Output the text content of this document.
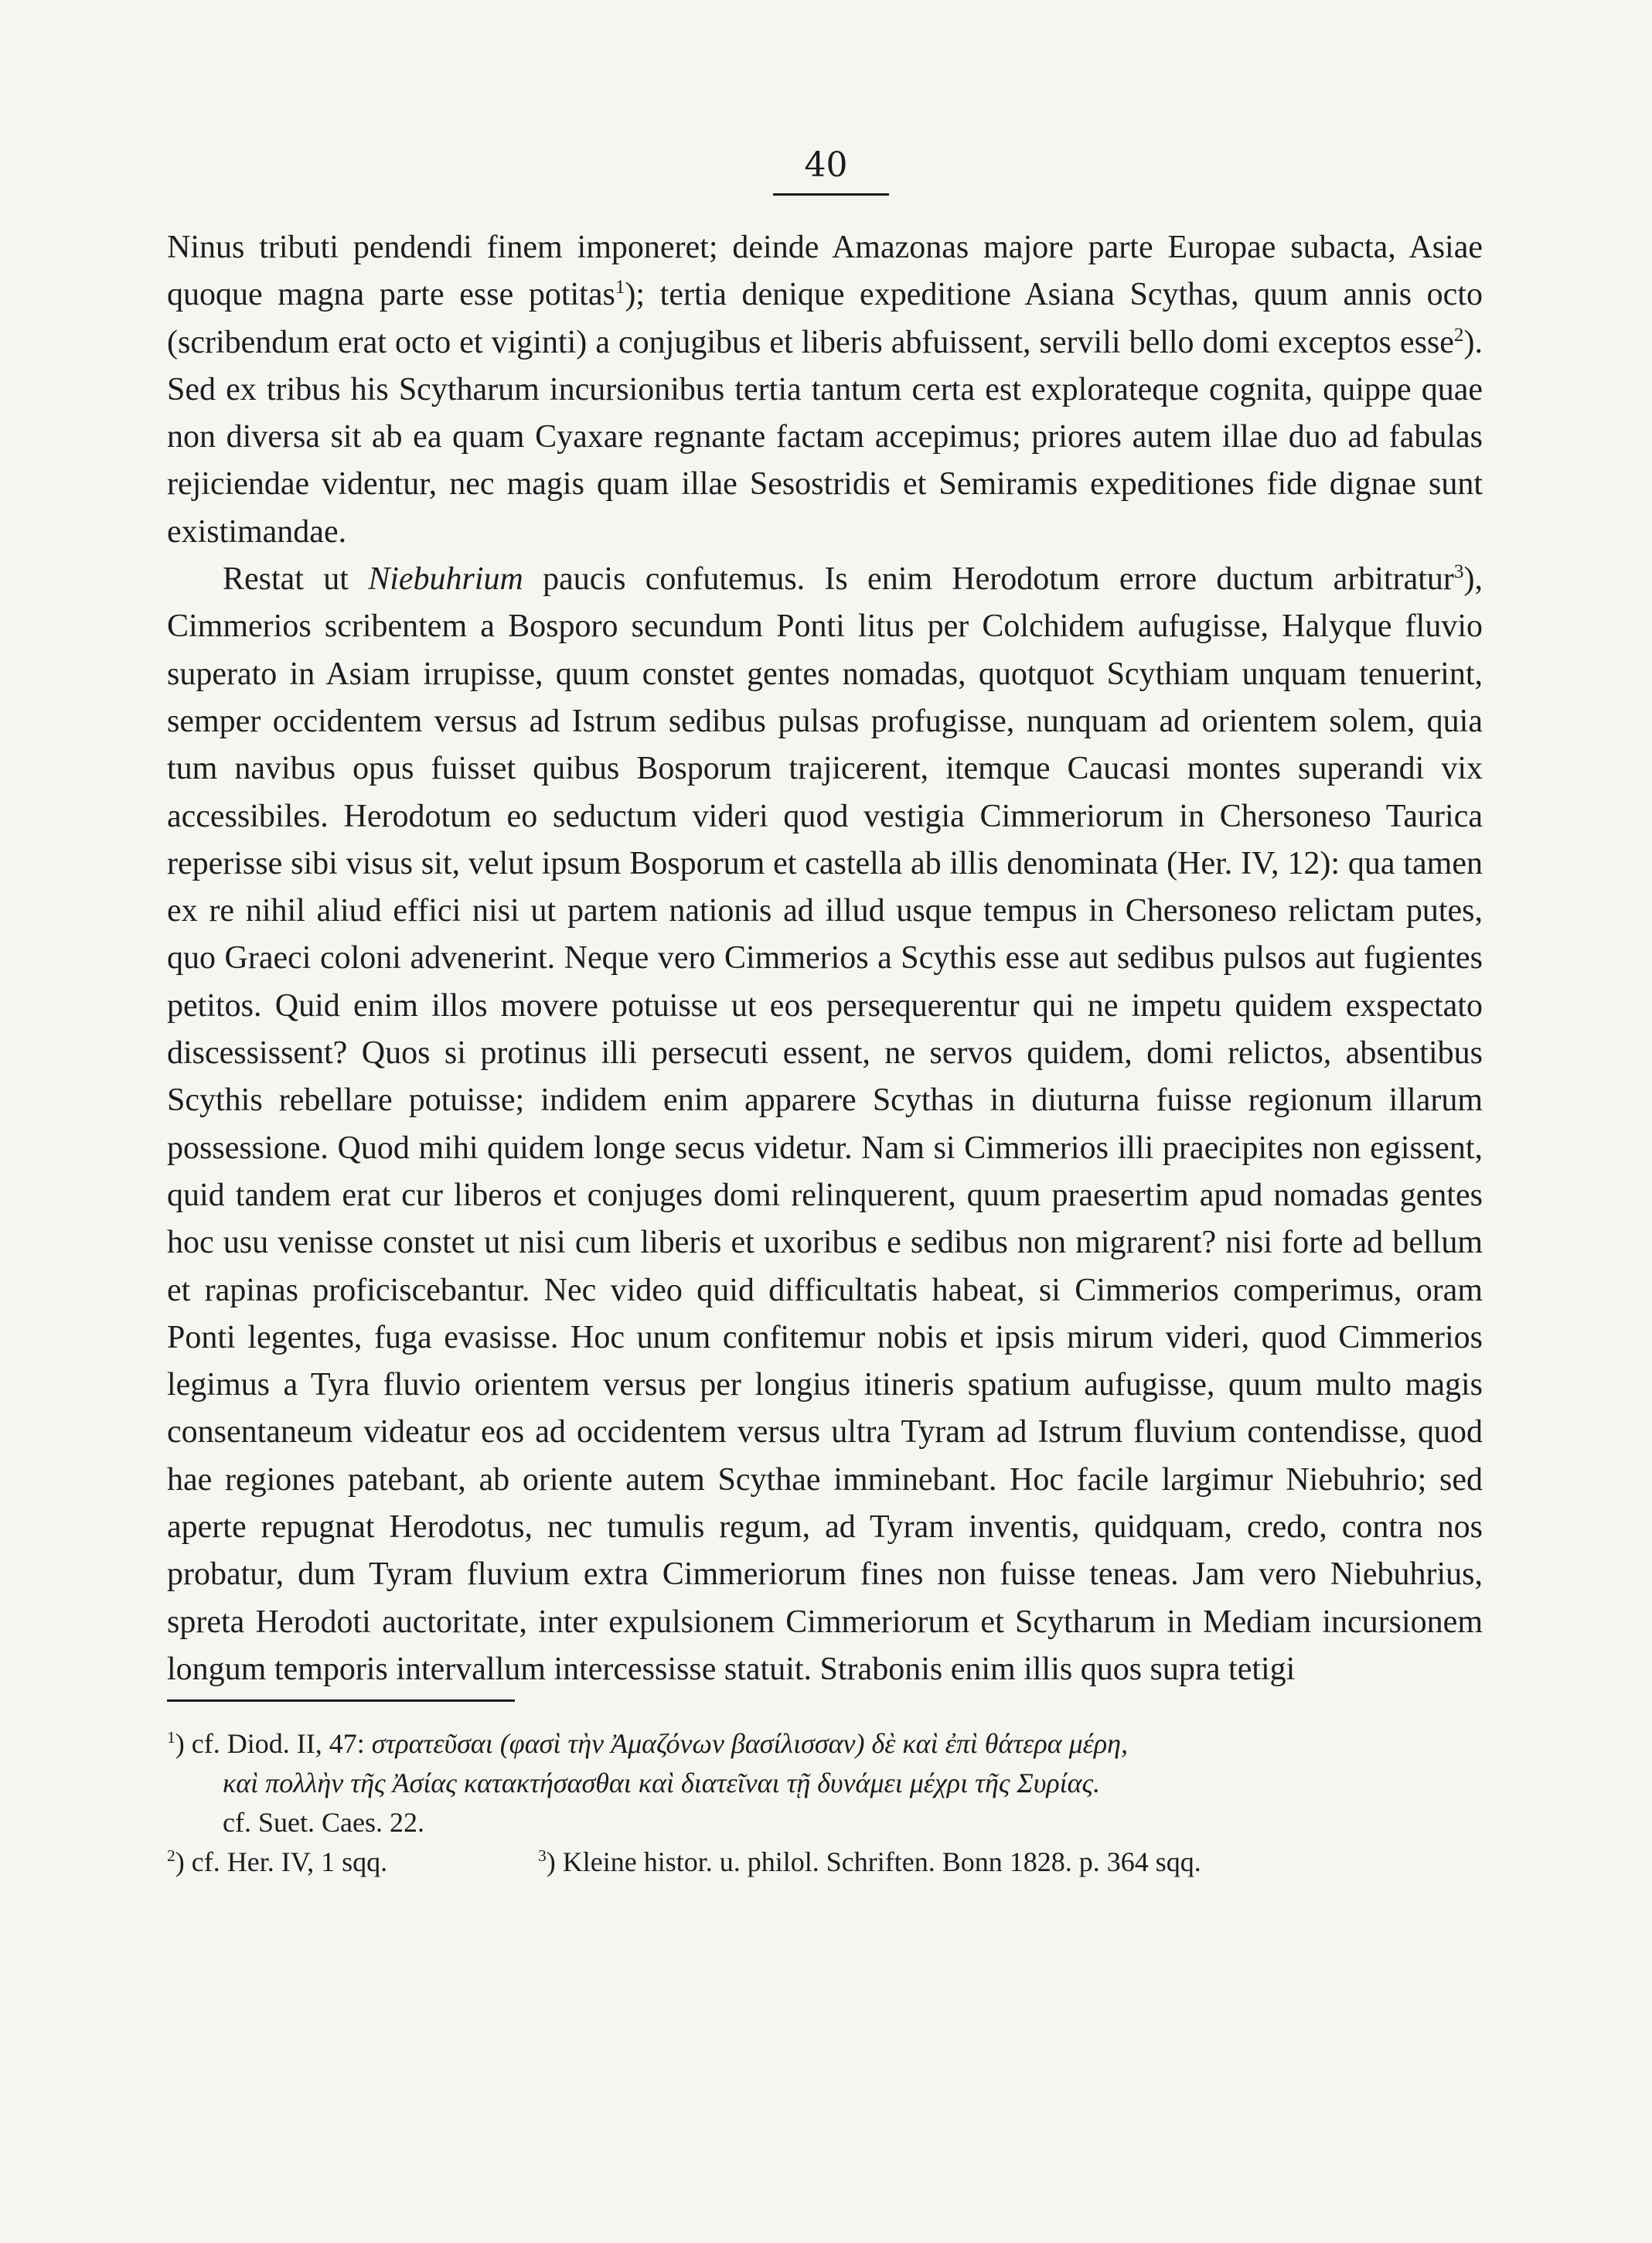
40

Ninus tributi pendendi finem imponeret; deinde Amazonas majore parte Europae subacta, Asiae quoque magna parte esse potitas$^1$); tertia denique expeditione Asiana Scythas, quum annis octo (scribendum erat octo et viginti) a conjugibus et liberis abfuissent, servili bello domi exceptos esse$^2$). Sed ex tribus his Scytharum incursionibus tertia tantum certa est explorateque cognita, quippe quae non diversa sit ab ea quam Cyaxare regnante factam accepimus; priores autem illae duo ad fabulas rejiciendae videntur, nec magis quam illae Sesostridis et Semiramis expeditiones fide dignae sunt existimandae.

Restat ut Niebuhrium paucis confutemus. Is enim Herodotum errore ductum arbitratur$^3$), Cimmerios scribentem a Bosporo secundum Ponti litus per Colchidem aufugisse, Halyque fluvio superato in Asiam irrupisse, quum constet gentes nomadas, quotquot Scythiam unquam tenuerint, semper occidentem versus ad Istrum sedibus pulsas profugisse, nunquam ad orientem solem, quia tum navibus opus fuisset quibus Bosporum trajicerent, itemque Caucasi montes superandi vix accessibiles. Herodotum eo seductum videri quod vestigia Cimmeriorum in Chersoneso Taurica reperisse sibi visus sit, velut ipsum Bosporum et castella ab illis denominata (Her. IV, 12): qua tamen ex re nihil aliud effici nisi ut partem nationis ad illud usque tempus in Chersoneso relictam putes, quo Graeci coloni advenerint. Neque vero Cimmerios a Scythis esse aut sedibus pulsos aut fugientes petitos. Quid enim illos movere potuisse ut eos persequerentur qui ne impetu quidem exspectato discessissent? Quos si protinus illi persecuti essent, ne servos quidem, domi relictos, absentibus Scythis rebellare potuisse; indidem enim apparere Scythas in diuturna fuisse regionum illarum possessione. Quod mihi quidem longe secus videtur. Nam si Cimmerios illi praecipites non egissent, quid tandem erat cur liberos et conjuges domi relinquerent, quum praesertim apud nomadas gentes hoc usu venisse constet ut nisi cum liberis et uxoribus e sedibus non migrarent? nisi forte ad bellum et rapinas proficiscebantur. Nec video quid difficultatis habeat, si Cimmerios comperimus, oram Ponti legentes, fuga evasisse. Hoc unum confitemur nobis et ipsis mirum videri, quod Cimmerios legimus a Tyra fluvio orientem versus per longius itineris spatium aufugisse, quum multo magis consentaneum videatur eos ad occidentem versus ultra Tyram ad Istrum fluvium contendisse, quod hae regiones patebant, ab oriente autem Scythae imminebant. Hoc facile largimur Niebuhrio; sed aperte repugnat Herodotus, nec tumulis regum, ad Tyram inventis, quidquam, credo, contra nos probatur, dum Tyram fluvium extra Cimmeriorum fines non fuisse teneas. Jam vero Niebuhrius, spreta Herodoti auctoritate, inter expulsionem Cimmeriorum et Scytharum in Mediam incursionem longum temporis intervallum intercessisse statuit. Strabonis enim illis quos supra tetigi

$^1$) cf. Diod. II, 47: στρατεῦσαι (φασὶ τὴν Ἀμαζόνων βασίλισσαν) δὲ καὶ ἐπὶ θάτερα μέρη,
καὶ πολλὴν τῆς Ἀσίας κατακτήσασθαι καὶ διατεῖναι τῇ δυνάμει μέχρι τῆς Συρίας.
cf. Suet. Caes. 22.
$^2$) cf. Her. IV, 1 sqq.	$^3$) Kleine histor. u. philol. Schriften. Bonn 1828. p. 364 sqq.
